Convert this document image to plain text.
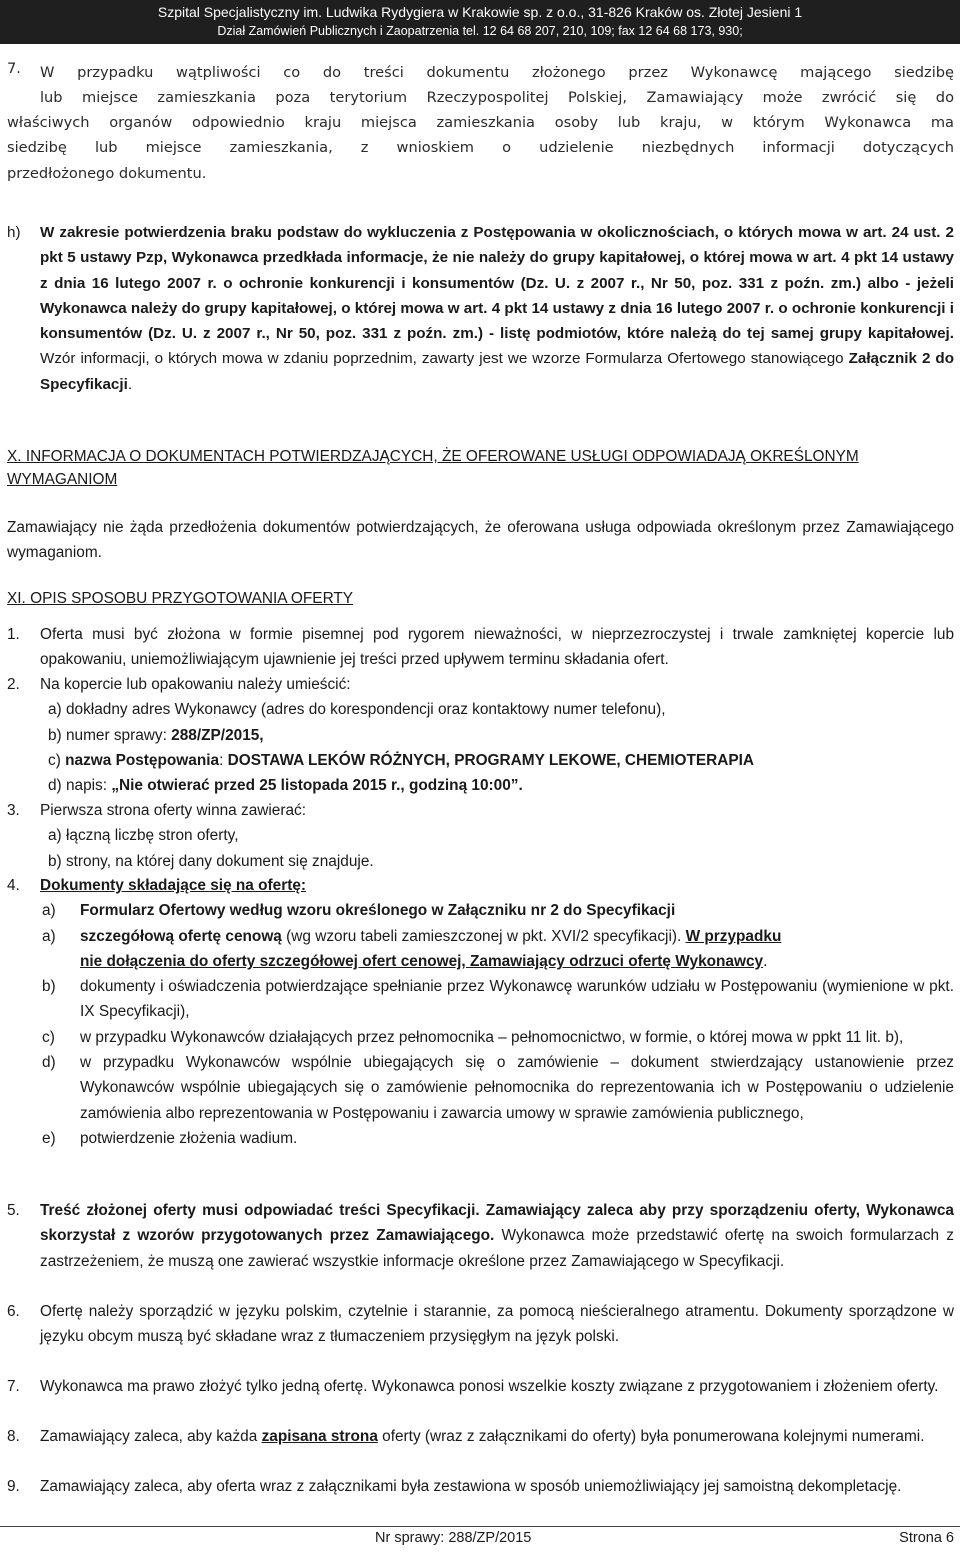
Szpital Specjalistyczny im. Ludwika Rydygiera w Krakowie sp. z o.o., 31-826 Kraków os. Złotej Jesieni 1
Dział Zamówień Publicznych i Zaopatrzenia tel. 12 64 68 207, 210, 109; fax 12 64 68 173, 930;
7. W przypadku wątpliwości co do treści dokumentu złożonego przez Wykonawcę mającego siedzibę
lub miejsce zamieszkania poza terytorium Rzeczypospolitej Polskiej, Zamawiający może zwrócić się do
właściwych organów odpowiednio kraju miejsca zamieszkania osoby lub kraju, w którym Wykonawca ma
siedzibę lub miejsce zamieszkania, z wnioskiem o udzielenie niezbędnych informacji dotyczących
przedłożonego dokumentu.
h) W zakresie potwierdzenia braku podstaw do wykluczenia z Postępowania w okolicznościach, o których mowa w art. 24 ust. 2 pkt 5 ustawy Pzp, Wykonawca przedkłada informacje, że nie należy do grupy kapitałowej, o której mowa w art. 4 pkt 14 ustawy z dnia 16 lutego 2007 r. o ochronie konkurencji i konsumentów (Dz. U. z 2007 r., Nr 50, poz. 331 z poźn. zm.) albo - jeżeli Wykonawca należy do grupy kapitałowej, o której mowa w art. 4 pkt 14 ustawy z dnia 16 lutego 2007 r. o ochronie konkurencji i konsumentów (Dz. U. z 2007 r., Nr 50, poz. 331 z poźn. zm.) - listę podmiotów, które należą do tej samej grupy kapitałowej. Wzór informacji, o których mowa w zdaniu poprzednim, zawarty jest we wzorze Formularza Ofertowego stanowiącego Załącznik 2 do Specyfikacji.
X. INFORMACJA O DOKUMENTACH POTWIERDZAJĄCYCH, ŻE OFEROWANE USŁUGI ODPOWIADAJĄ OKREŚLONYM WYMAGANIOM
Zamawiający nie żąda przedłożenia dokumentów potwierdzających, że oferowana usługa odpowiada określonym przez Zamawiającego wymaganiom.
XI. OPIS SPOSOBU PRZYGOTOWANIA OFERTY
1. Oferta musi być złożona w formie pisemnej pod rygorem nieważności, w nieprzezroczystej i trwale zamkniętej kopercie lub opakowaniu, uniemożliwiającym ujawnienie jej treści przed upływem terminu składania ofert.
2. Na kopercie lub opakowaniu należy umieścić:
a) dokładny adres Wykonawcy (adres do korespondencji oraz kontaktowy numer telefonu),
b) numer sprawy: 288/ZP/2015,
c) nazwa Postępowania: DOSTAWA LEKÓW RÓŻNYCH, PROGRAMY LEKOWE, CHEMIOTERAPIA
d) napis: „Nie otwierać przed 25 listopada 2015 r., godziną 10:00”.
3. Pierwsza strona oferty winna zawierać:
a) łączną liczbę stron oferty,
b) strony, na której dany dokument się znajduje.
4. Dokumenty składające się na ofertę:
a)	Formularz Ofertowy według wzoru określonego w Załączniku nr 2 do Specyfikacji
a)	szczegółową ofertę cenową (wg wzoru tabeli zamieszczonej w pkt. XVI/2 specyfikacji). W przypadku
nie dołączenia do oferty szczegółowej ofert cenowej, Zamawiający odrzuci ofertę Wykonawcy.
b)	dokumenty i oświadczenia potwierdzające spełnianie przez Wykonawcę warunków udziału w Postępowaniu (wymienione w pkt. IX Specyfikacji),
c)	w przypadku Wykonawców działających przez pełnomocnika – pełnomocnictwo, w formie, o której mowa w ppkt 11 lit. b),
d)	w przypadku Wykonawców wspólnie ubiegających się o zamówienie – dokument stwierdzający ustanowienie przez Wykonawców wspólnie ubiegających się o zamówienie pełnomocnika do reprezentowania ich w Postępowaniu o udzielenie zamówienia albo reprezentowania w Postępowaniu i zawarcia umowy w sprawie zamówienia publicznego,
e)	potwierdzenie złożenia wadium.
5. Treść złożonej oferty musi odpowiadać treści Specyfikacji. Zamawiający zaleca aby przy sporządzeniu oferty, Wykonawca skorzystał z wzorów przygotowanych przez Zamawiającego. Wykonawca może przedstawić ofertę na swoich formularzach z zastrzeżeniem, że muszą one zawierać wszystkie informacje określone przez Zamawiającego w Specyfikacji.
6. Ofertę należy sporządzić w języku polskim, czytelnie i starannie, za pomocą nieścieralnego atramentu. Dokumenty sporządzone w języku obcym muszą być składane wraz z tłumaczeniem przysięgłym na język polski.
7. Wykonawca ma prawo złożyć tylko jedną ofertę. Wykonawca ponosi wszelkie koszty związane z przygotowaniem i złożeniem oferty.
8. Zamawiający zaleca, aby każda zapisana strona oferty (wraz z załącznikami do oferty) była ponumerowana kolejnymi numerami.
9. Zamawiający zaleca, aby oferta wraz z załącznikami była zestawiona w sposób uniemożliwiający jej samoistną dekompletację.
Nr sprawy: 288/ZP/2015	Strona 6
